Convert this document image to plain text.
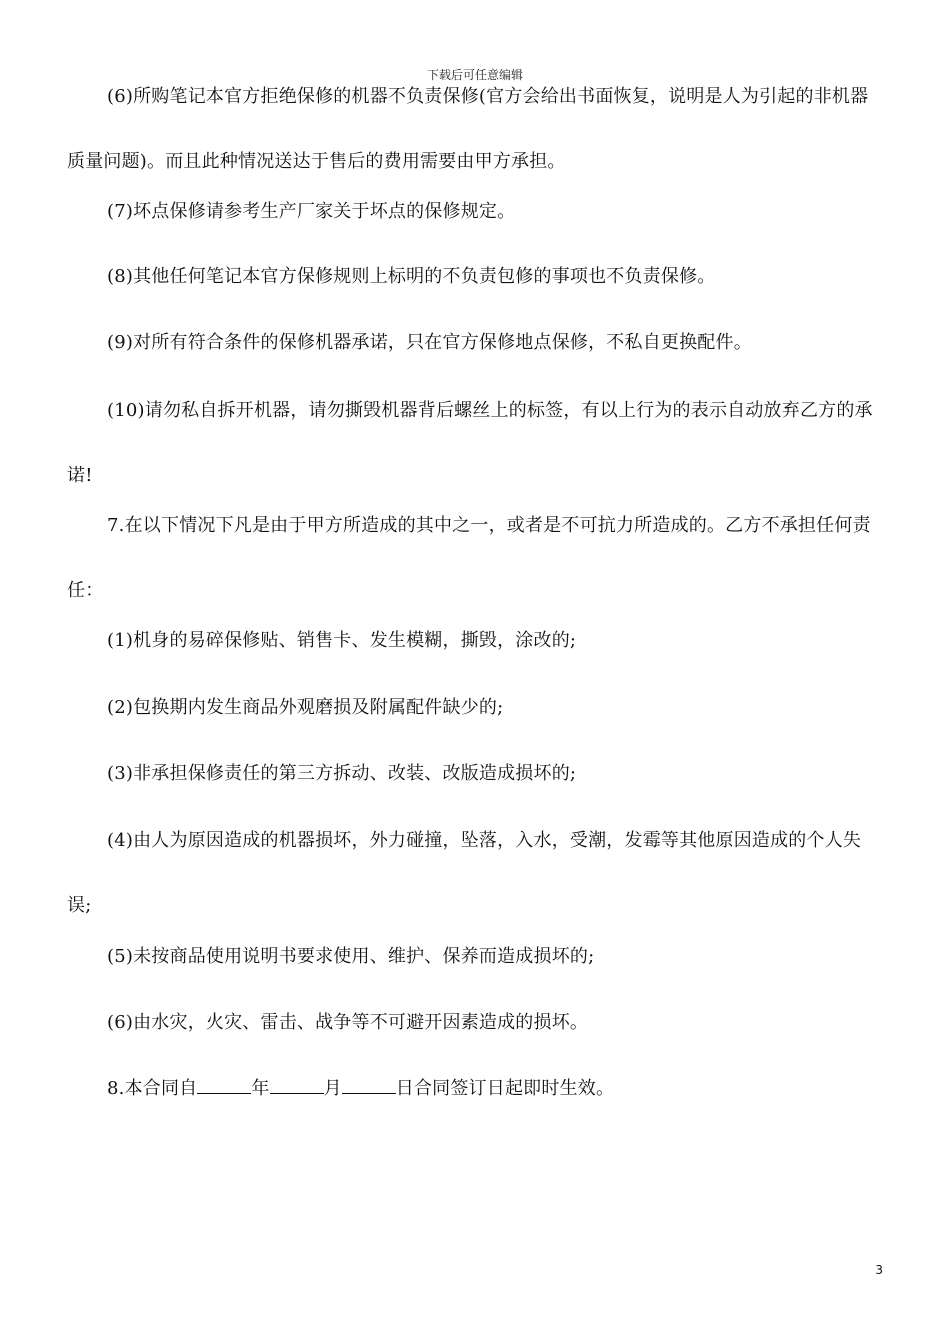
下载后可任意编辑

(6)所购笔记本官方拒绝保修的机器不负责保修(官方会给出书面恢复，说明是人为引起的非机器质量问题)。而且此种情况送达于售后的费用需要由甲方承担。

(7)坏点保修请参考生产厂家关于坏点的保修规定。

(8)其他任何笔记本官方保修规则上标明的不负责包修的事项也不负责保修。

(9)对所有符合条件的保修机器承诺，只在官方保修地点保修，不私自更换配件。

(10)请勿私自拆开机器，请勿撕毁机器背后螺丝上的标签，有以上行为的表示自动放弃乙方的承诺!

7.在以下情况下凡是由于甲方所造成的其中之一，或者是不可抗力所造成的。乙方不承担任何责任：

(1)机身的易碎保修贴、销售卡、发生模糊，撕毁，涂改的;

(2)包换期内发生商品外观磨损及附属配件缺少的;

(3)非承担保修责任的第三方拆动、改装、改版造成损坏的;

(4)由人为原因造成的机器损坏，外力碰撞，坠落，入水，受潮，发霉等其他原因造成的个人失误;

(5)未按商品使用说明书要求使用、维护、保养而造成损坏的;

(6)由水灾，火灾、雷击、战争等不可避开因素造成的损坏。

8.本合同自	年	月	日合同签订日起即时生效。

3
